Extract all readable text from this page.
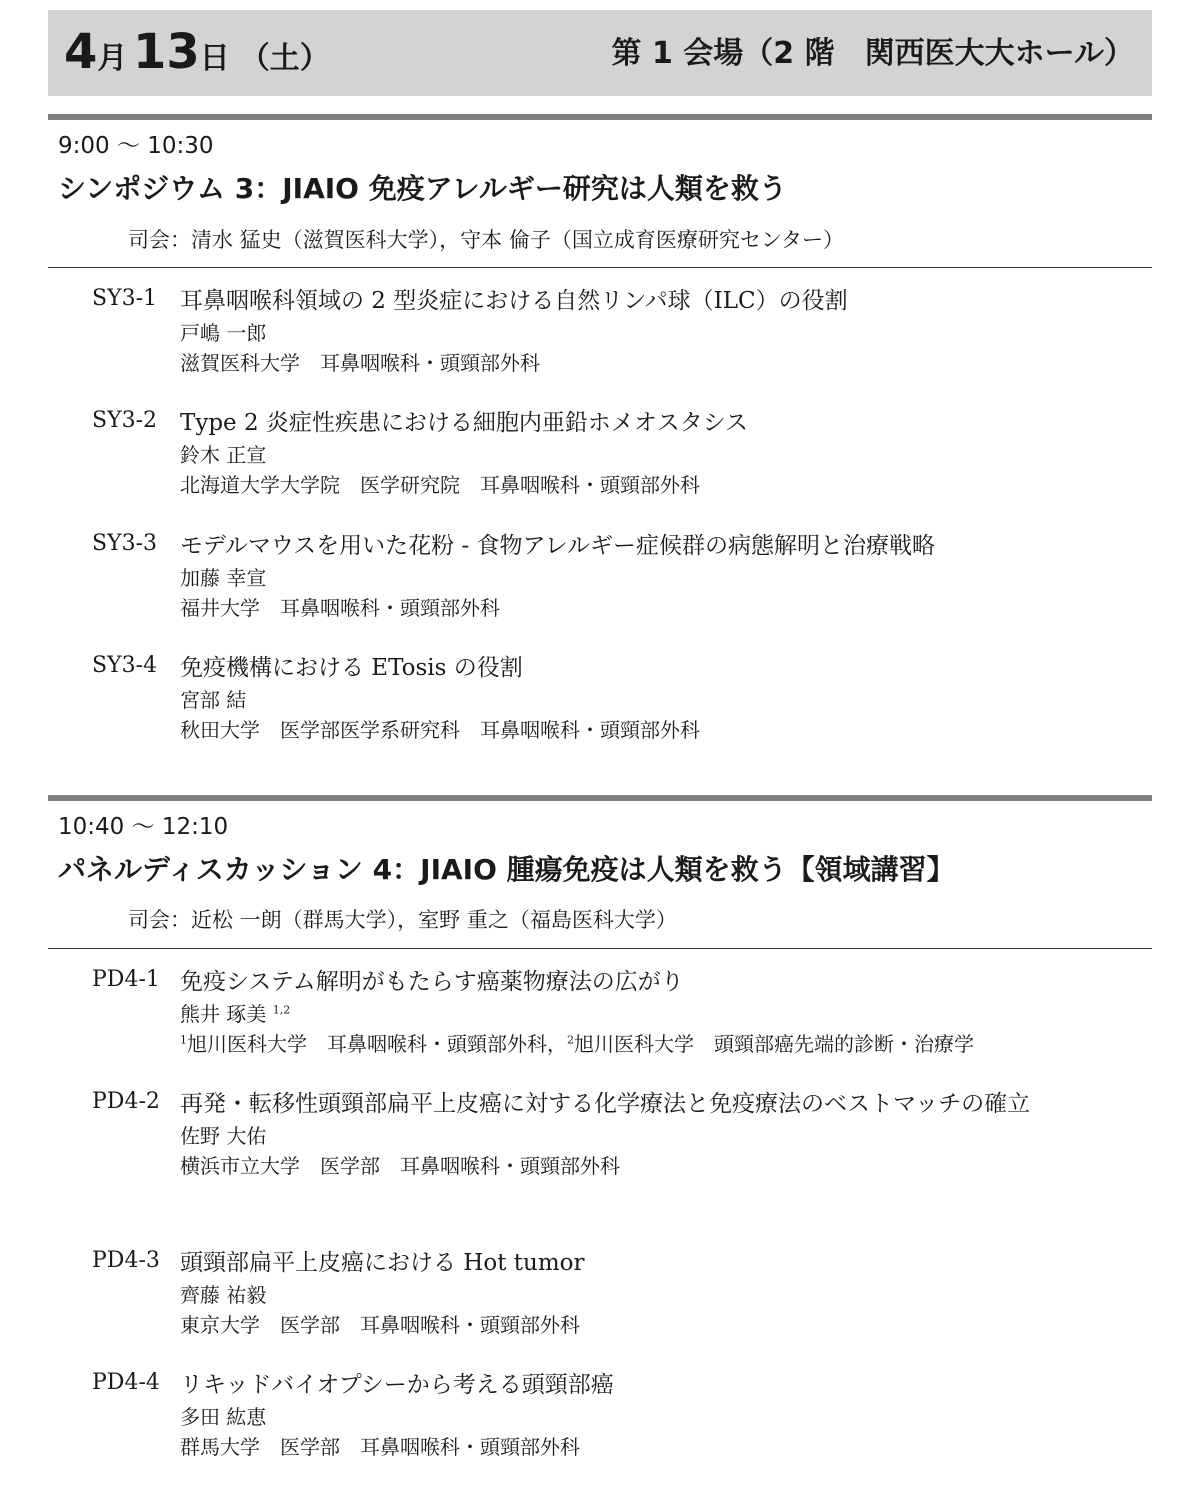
4月 13日 （土）	第 1 会場（2 階　関西医大大ホール）
9:00 〜 10:30
シンポジウム 3：JIAIO 免疫アレルギー研究は人類を救う
司会：清水 猛史（滋賀医科大学），守本 倫子（国立成育医療研究センター）
SY3-1 耳鼻咽喉科領域の 2 型炎症における自然リンパ球（ILC）の役割
戸嶋 一郎
滋賀医科大学　耳鼻咽喉科・頭頸部外科
SY3-2 Type 2 炎症性疾患における細胞内亜鉛ホメオスタシス
鈴木 正宣
北海道大学大学院　医学研究院　耳鼻咽喉科・頭頸部外科
SY3-3 モデルマウスを用いた花粉 - 食物アレルギー症候群の病態解明と治療戦略
加藤 幸宣
福井大学　耳鼻咽喉科・頭頸部外科
SY3-4 免疫機構における ETosis の役割
宮部 結
秋田大学　医学部医学系研究科　耳鼻咽喉科・頭頸部外科
10:40 〜 12:10
パネルディスカッション 4：JIAIO 腫瘍免疫は人類を救う【領域講習】
司会：近松 一朗（群馬大学），室野 重之（福島医科大学）
PD4-1 免疫システム解明がもたらす癌薬物療法の広がり
熊井 琢美 $^{1,2}$
$^1$旭川医科大学　耳鼻咽喉科・頭頸部外科，$^2$旭川医科大学　頭頸部癌先端的診断・治療学
PD4-2 再発・転移性頭頸部扁平上皮癌に対する化学療法と免疫療法のベストマッチの確立
佐野 大佑
横浜市立大学　医学部　耳鼻咽喉科・頭頸部外科
PD4-3 頭頸部扁平上皮癌における Hot tumor
齊藤 祐毅
東京大学　医学部　耳鼻咽喉科・頭頸部外科
PD4-4 リキッドバイオプシーから考える頭頸部癌
多田 紘恵
群馬大学　医学部　耳鼻咽喉科・頭頸部外科
